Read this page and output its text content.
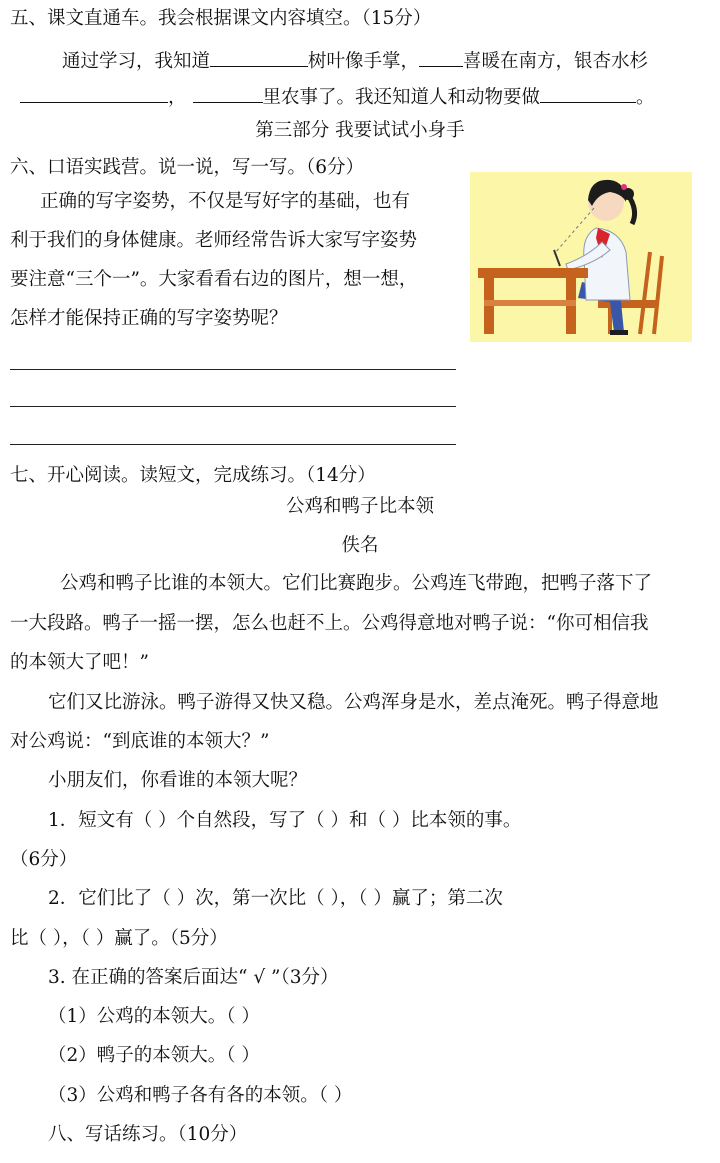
五、课文直通车。我会根据课文内容填空。（15分）
通过学习，我知道	树叶像手掌， 喜暖在南方，银杏水杉
，	里农事了。我还知道人和动物要做	。
第三部分 我要试试小身手
六、口语实践营。说一说，写一写。（6分）
正确的写字姿势，不仅是写好字的基础，也有
利于我们的身体健康。老师经常告诉大家写字姿势
要注意“三个一”。大家看看右边的图片，想一想，
怎样才能保持正确的写字姿势呢？
七、开心阅读。读短文，完成练习。（14分）
公鸡和鸭子比本领
佚名
公鸡和鸭子比谁的本领大。它们比赛跑步。公鸡连飞带跑，把鸭子落下了
一大段路。鸭子一摇一摆，怎么也赶不上。公鸡得意地对鸭子说：“你可相信我
的本领大了吧！”
它们又比游泳。鸭子游得又快又稳。公鸡浑身是水，差点淹死。鸭子得意地
对公鸡说：“到底谁的本领大？”
小朋友们，你看谁的本领大呢？
1．短文有（ ）个自然段，写了（ ）和（ ）比本领的事。
（6分）
2．它们比了（ ）次，第一次比（ ），（ ）赢了；第二次
比（ ），（ ）赢了。（5分）
3. 在正确的答案后面达“ √ ”（3分）
（1）公鸡的本领大。（ ）
（2）鸭子的本领大。（ ）
（3）公鸡和鸭子各有各的本领。（ ）
八、写话练习。（10分）
